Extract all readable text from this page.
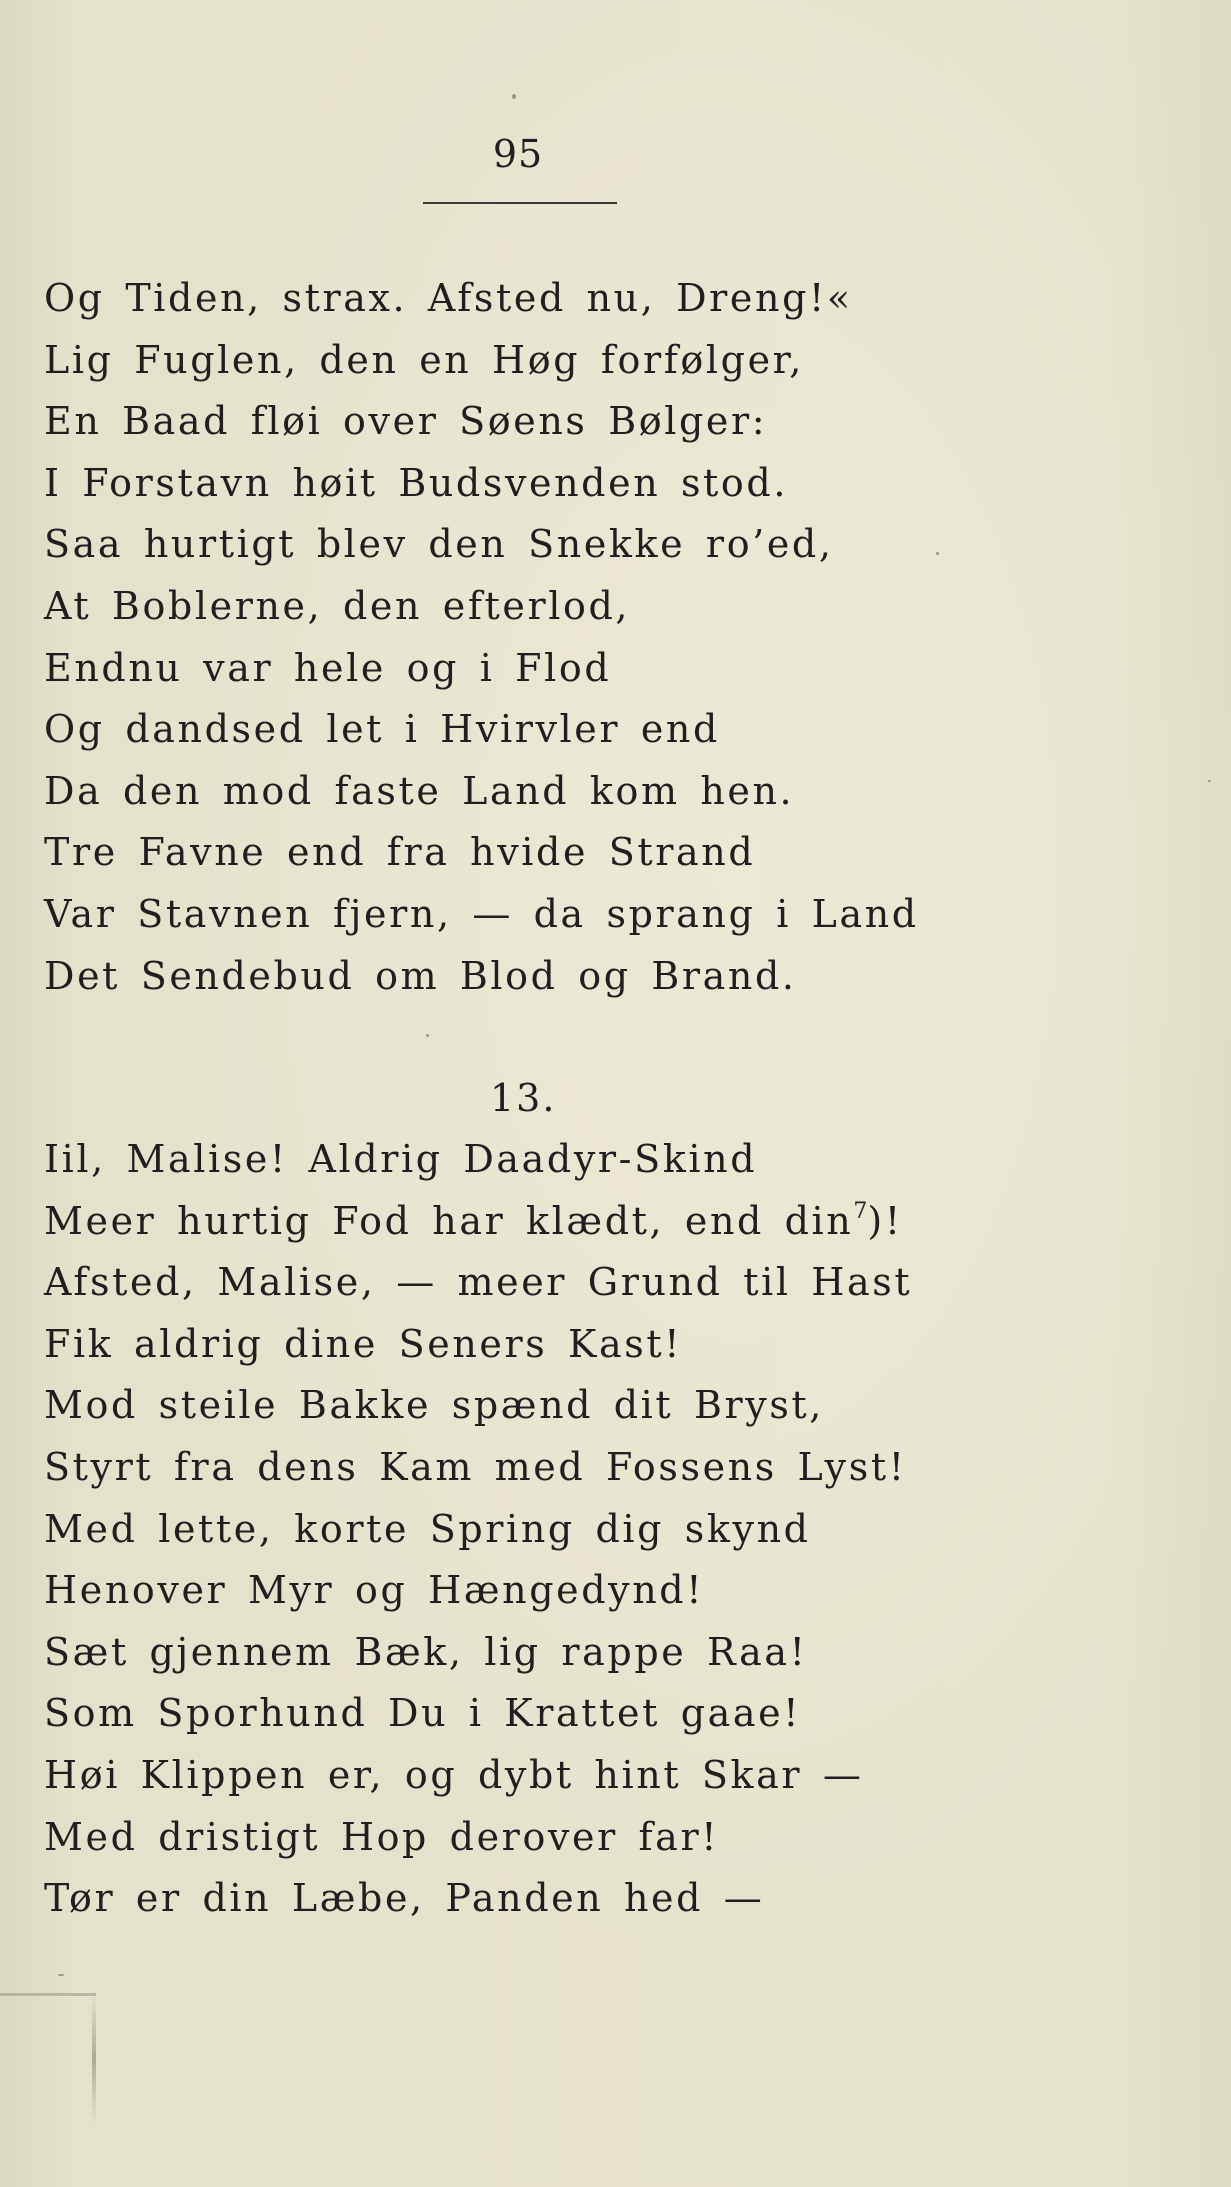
95
Og Tiden, strax. Afsted nu, Dreng!«
Lig Fuglen, den en Høg forfølger,
En Baad fløi over Søens Bølger:
I Forstavn høit Budsvenden stod.
Saa hurtigt blev den Snekke ro’ed,
At Boblerne, den efterlod,
Endnu var hele og i Flod
Og dandsed let i Hvirvler end
Da den mod faste Land kom hen.
Tre Favne end fra hvide Strand
Var Stavnen fjern, — da sprang i Land
Det Sendebud om Blod og Brand.
13.
Iil, Malise! Aldrig Daadyr-Skind
Meer hurtig Fod har klædt, end din$^7$)!
Afsted, Malise, — meer Grund til Hast
Fik aldrig dine Seners Kast!
Mod steile Bakke spænd dit Bryst,
Styrt fra dens Kam med Fossens Lyst!
Med lette, korte Spring dig skynd
Henover Myr og Hængedynd!
Sæt gjennem Bæk, lig rappe Raa!
Som Sporhund Du i Krattet gaae!
Høi Klippen er, og dybt hint Skar —
Med dristigt Hop derover far!
Tør er din Læbe, Panden hed —
